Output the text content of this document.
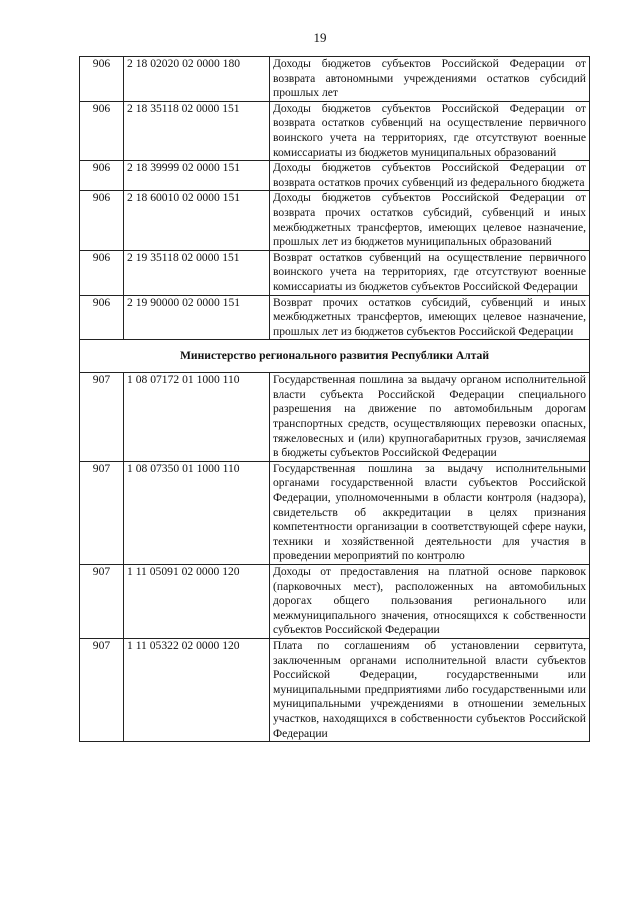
19
906	2 18 02020 02 0000 180	Доходы бюджетов субъектов Российской Федерации от возврата автономными учреждениями остатков субсидий прошлых лет
906	2 18 35118 02 0000 151	Доходы бюджетов субъектов Российской Федерации от возврата остатков субвенций на осуществление первичного воинского учета на территориях, где отсутствуют военные комиссариаты из бюджетов муниципальных образований
906	2 18 39999 02 0000 151	Доходы бюджетов субъектов Российской Федерации от возврата остатков прочих субвенций из федерального бюджета
906	2 18 60010 02 0000 151	Доходы бюджетов субъектов Российской Федерации от возврата прочих остатков субсидий, субвенций и иных межбюджетных трансфертов, имеющих целевое назначение, прошлых лет из бюджетов муниципальных образований
906	2 19 35118 02 0000 151	Возврат остатков субвенций на осуществление первичного воинского учета на территориях, где отсутствуют военные комиссариаты из бюджетов субъектов Российской Федерации
906	2 19 90000 02 0000 151	Возврат прочих остатков субсидий, субвенций и иных межбюджетных трансфертов, имеющих целевое назначение, прошлых лет из бюджетов субъектов Российской Федерации
Министерство регионального развития Республики Алтай		
907	1 08 07172 01 1000 110	Государственная пошлина за выдачу органом исполнительной власти субъекта Российской Федерации специального разрешения на движение по автомобильным дорогам транспортных средств, осуществляющих перевозки опасных, тяжеловесных и (или) крупногабаритных грузов, зачисляемая в бюджеты субъектов Российской Федерации
907	1 08 07350 01 1000 110	Государственная пошлина за выдачу исполнительными органами государственной власти субъектов Российской Федерации, уполномоченными в области контроля (надзора), свидетельств об аккредитации в целях признания компетентности организации в соответствующей сфере науки, техники и хозяйственной деятельности для участия в проведении мероприятий по контролю
907	1 11 05091 02 0000 120	Доходы от предоставления на платной основе парковок (парковочных мест), расположенных на автомобильных дорогах общего пользования регионального или межмуниципального значения, относящихся к собственности субъектов Российской Федерации
907	1 11 05322 02 0000 120	Плата по соглашениям об установлении сервитута, заключенным органами исполнительной власти субъектов Российской Федерации, государственными или муниципальными предприятиями либо государственными или муниципальными учреждениями в отношении земельных участков, находящихся в собственности субъектов Российской Федерации
